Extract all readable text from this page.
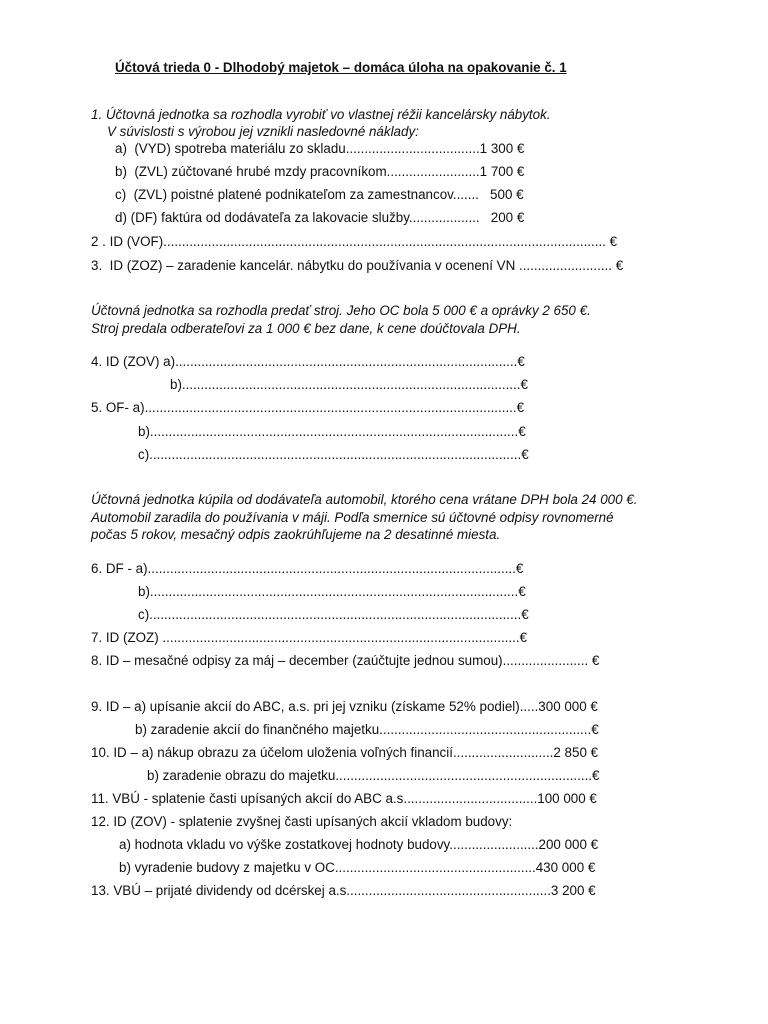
Účtová trieda 0 - Dlhodobý majetok – domáca úloha na opakovanie č. 1
1. Účtovná jednotka sa rozhodla vyrobiť vo vlastnej réžii kancelársky nábytok.
V súvislosti s výrobou jej vznikli nasledovné náklady:
a)  (VYD) spotreba materiálu zo skladu....................................1 300 €
b)  (ZVL) zúčtované hrubé mzdy pracovníkom.........................1 700 €
c)  (ZVL) poistné platené podnikateľom za zamestnancov.......   500 €
d) (DF) faktúra od dodávateľa za lakovacie služby...................   200 €
2 . ID (VOF)....................................................................................................................... €
3.  ID (ZOZ) – zaradenie kancelár. nábytku do používania v ocenení VN ......................... €
Účtovná jednotka sa rozhodla predať stroj. Jeho OC bola 5 000 € a oprávky 2 650 €.
Stroj predala odberateľovi za 1 000 € bez dane, k cene doúčtovala DPH.
4. ID (ZOV) a)............................................................................................€
b)...........................................................................................€
5. OF- a)....................................................................................................€
b)...................................................................................................€
c)....................................................................................................€
Účtovná jednotka kúpila od dodávateľa automobil, ktorého cena vrátane DPH bola 24 000 €.
Automobil zaradila do používania v máji. Podľa smernice sú účtovné odpisy rovnomerné
počas 5 rokov, mesačný odpis zaokrúhľujeme na 2 desatinné miesta.
6. DF - a)...................................................................................................€
b)...................................................................................................€
c)....................................................................................................€
7. ID (ZOZ) ................................................................................................€
8. ID – mesačné odpisy za máj – december (zaúčtujte jednou sumou)....................... €
9. ID – a) upísanie akcií do ABC, a.s. pri jej vzniku (získame 52% podiel).....300 000 €
b) zaradenie akcií do finančného majetku.........................................................€
10. ID – a) nákup obrazu za účelom uloženia voľných financií...........................2 850 €
b) zaradenie obrazu do majetku.....................................................................€
11. VBÚ - splatenie časti upísaných akcií do ABC a.s....................................100 000 €
12. ID (ZOV) - splatenie zvyšnej časti upísaných akcií vkladom budovy:
a) hodnota vkladu vo výške zostatkovej hodnoty budovy........................200 000 €
b) vyradenie budovy z majetku v OC......................................................430 000 €
13. VBÚ – prijaté dividendy od dcérskej a.s.......................................................3 200 €
